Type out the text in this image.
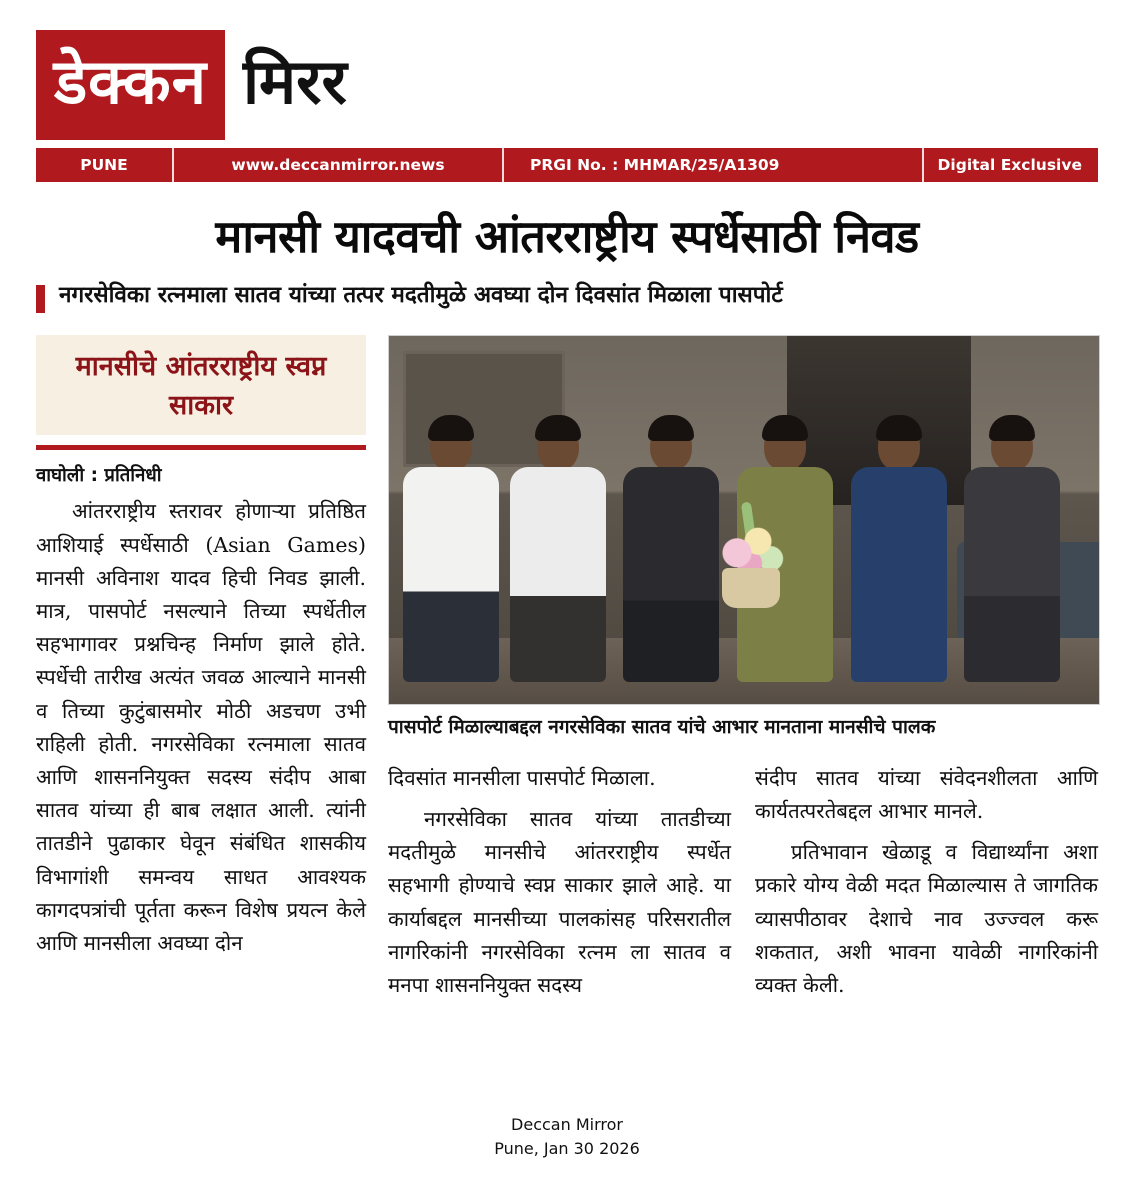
डेक्कन मिरर
PUNE	www.deccanmirror.news	PRGI No. : MHMAR/25/A1309	Digital Exclusive
मानसी यादवची आंतरराष्ट्रीय स्पर्धेसाठी निवड
नगरसेविका रत्नमाला सातव यांच्या तत्पर मदतीमुळे अवघ्या दोन दिवसांत मिळाला पासपोर्ट
मानसीचे आंतरराष्ट्रीय स्वप्न साकार
वाघोली : प्रतिनिधी
आंतरराष्ट्रीय स्तरावर होणाऱ्या प्रतिष्ठित आशियाई स्पर्धेसाठी (Asian Games) मानसी अविनाश यादव हिची निवड झाली. मात्र, पासपोर्ट नसल्याने तिच्या स्पर्धेतील सहभागावर प्रश्नचिन्ह निर्माण झाले होते. स्पर्धेची तारीख अत्यंत जवळ आल्याने मानसी व तिच्या कुटुंबासमोर मोठी अडचण उभी राहिली होती. नगरसेविका रत्नमाला सातव आणि शासननियुक्त सदस्य संदीप आबा सातव यांच्या ही बाब लक्षात आली. त्यांनी तातडीने पुढाकार घेवून संबंधित शासकीय विभागांशी समन्वय साधत आवश्यक कागदपत्रांची पूर्तता करून विशेष प्रयत्न केले आणि मानसीला अवघ्या दोन
पासपोर्ट मिळाल्याबद्दल नगरसेविका सातव यांचे आभार मानताना मानसीचे पालक
दिवसांत मानसीला पासपोर्ट मिळाला.
नगरसेविका सातव यांच्या तातडीच्या मदतीमुळे मानसीचे आंतरराष्ट्रीय स्पर्धेत सहभागी होण्याचे स्वप्न साकार झाले आहे. या कार्याबद्दल मानसीच्या पालकांसह परिसरातील नागरिकांनी नगरसेविका रत्नम ला सातव व मनपा शासननियुक्त सदस्य
संदीप सातव यांच्या संवेदनशीलता आणि कार्यतत्परतेबद्दल आभार मानले.
प्रतिभावान खेळाडू व विद्यार्थ्यांना अशा प्रकारे योग्य वेळी मदत मिळाल्यास ते जागतिक व्यासपीठावर देशाचे नाव उज्ज्वल करू शकतात, अशी भावना यावेळी नागरिकांनी व्यक्त केली.
Deccan Mirror
Pune, Jan 30 2026
